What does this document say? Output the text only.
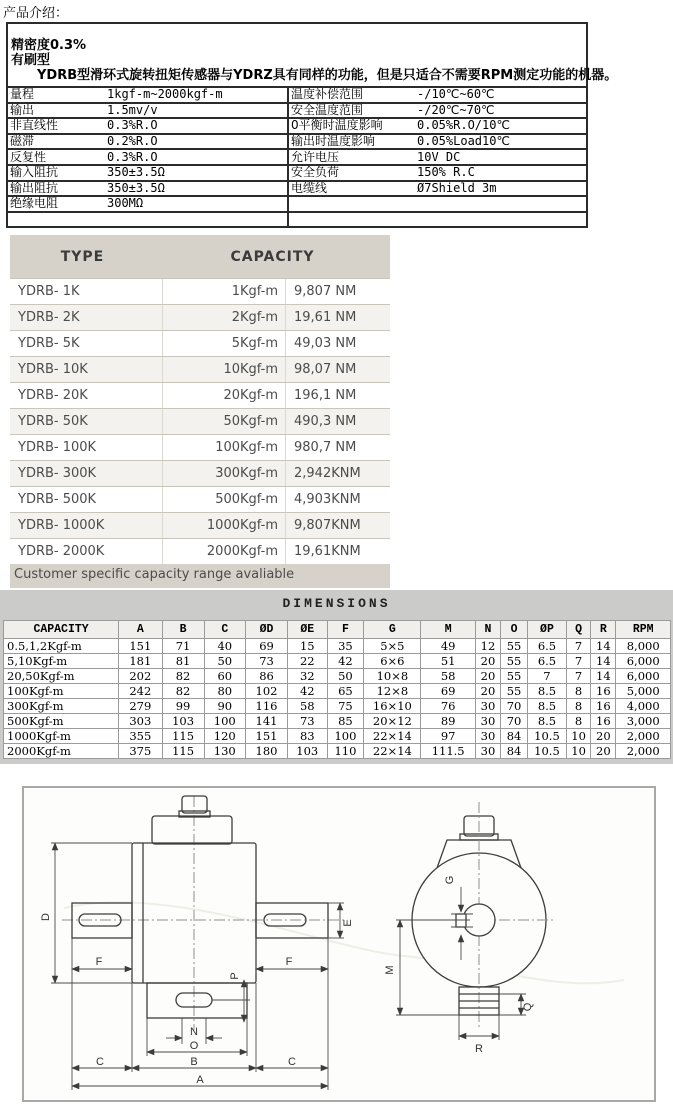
产品介绍：
精密度0.3%
有刷型
YDRB型滑环式旋转扭矩传感器与YDRZ具有同样的功能，但是只适合不需要RPM测定功能的机器。
量程	1kgf-m~2000kgf-m	温度补偿范围	-/10℃~60℃
输出	1.5mv/v	安全温度范围	-/20℃~70℃
非直线性	0.3%R.O	0平衡时温度影响	0.05%R.O/10℃
磁滞	0.2%R.O	输出时温度影响	0.05%Load10℃
反复性	0.3%R.O	允许电压	10V DC
输入阻抗	350±3.5Ω	安全负荷	150% R.C
输出阻抗	350±3.5Ω	电缆线	Ø7Shield 3m
绝缘电阻	300MΩ
TYPE	CAPACITY
YDRB- 1K	1Kgf-m	9,807 NM
YDRB- 2K	2Kgf-m	19,61 NM
YDRB- 5K	5Kgf-m	49,03 NM
YDRB- 10K	10Kgf-m	98,07 NM
YDRB- 20K	20Kgf-m	196,1 NM
YDRB- 50K	50Kgf-m	490,3 NM
YDRB- 100K	100Kgf-m	980,7 NM
YDRB- 300K	300Kgf-m	2,942KNM
YDRB- 500K	500Kgf-m	4,903KNM
YDRB- 1000K	1000Kgf-m	9,807KNM
YDRB- 2000K	2000Kgf-m	19,61KNM
Customer specific capacity range avaliable
DIMENSIONS
CAPACITY	A	B	C	ØD	ØE	F	G	M	N	O	ØP	Q	R	RPM
0.5,1,2Kgf-m	151	71	40	69	15	35	5×5	49	12	55	6.5	7	14	8,000
5,10Kgf-m	181	81	50	73	22	42	6×6	51	20	55	6.5	7	14	6,000
20,50Kgf-m	202	82	60	86	32	50	10×8	58	20	55	7	7	14	6,000
100Kgf-m	242	82	80	102	42	65	12×8	69	20	55	8.5	8	16	5,000
300Kgf-m	279	99	90	116	58	75	16×10	76	30	70	8.5	8	16	4,000
500Kgf-m	303	103	100	141	73	85	20×12	89	30	70	8.5	8	16	3,000
1000Kgf-m	355	115	120	151	83	100	22×14	97	30	84	10.5	10	20	2,000
2000Kgf-m	375	115	130	180	103	110	22×14	111.5	30	84	10.5	10	20	2,000
D
F	F
E
P
N
O
B
C	C
A
G
M
Q
R
